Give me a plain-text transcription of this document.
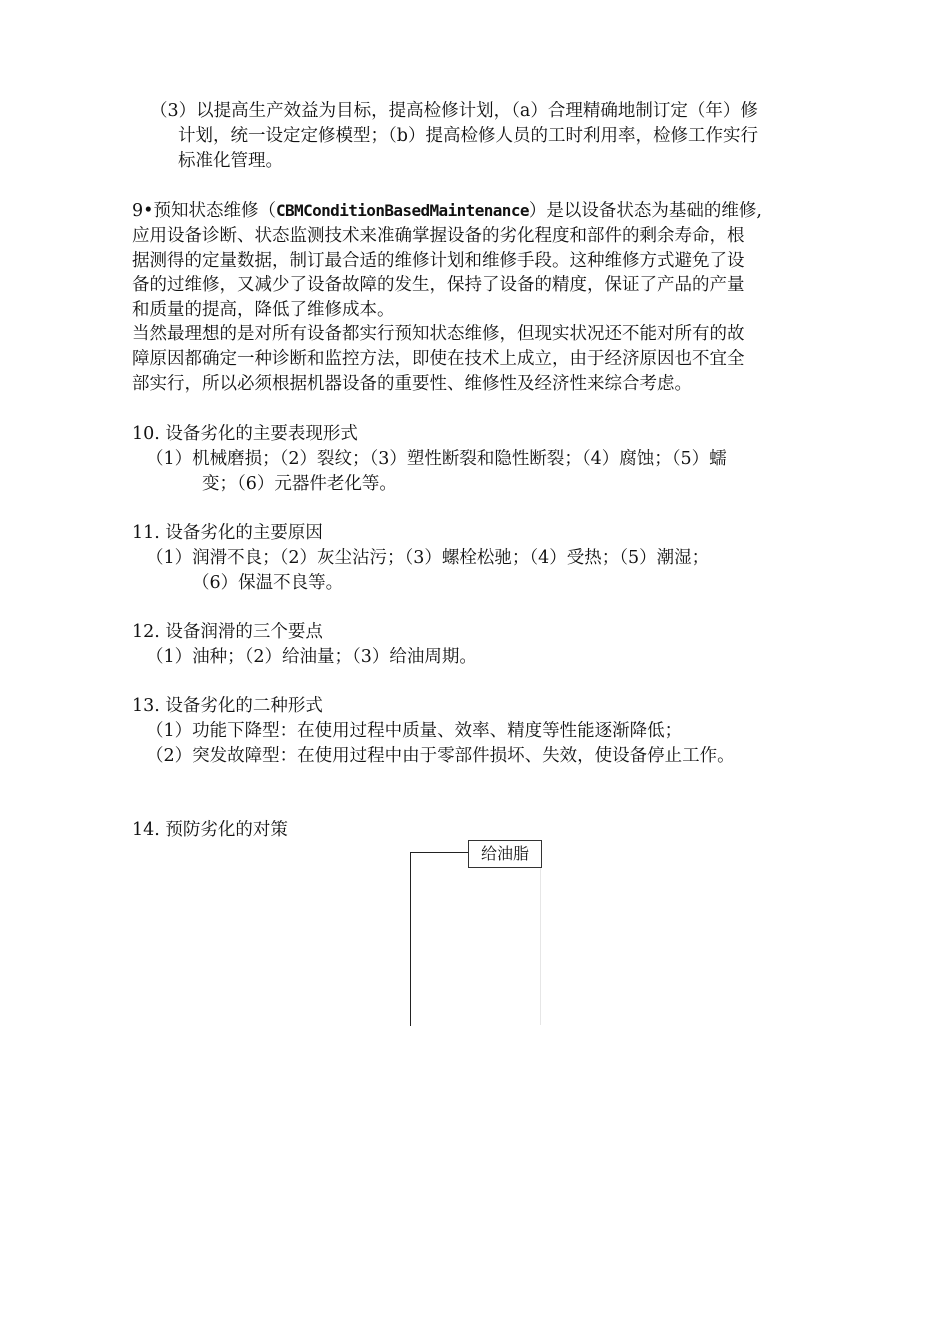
（3）以提高生产效益为目标，提高检修计划，（a）合理精确地制订定（年）修
计划，统一设定定修模型；（b）提高检修人员的工时利用率，检修工作实行
标准化管理。
9•预知状态维修（CBMConditionBasedMaintenance）是以设备状态为基础的维修,
应用设备诊断、状态监测技术来准确掌握设备的劣化程度和部件的剩余寿命，根
据测得的定量数据，制订最合适的维修计划和维修手段。这种维修方式避免了设
备的过维修，又减少了设备故障的发生，保持了设备的精度，保证了产品的产量
和质量的提高，降低了维修成本。
当然最理想的是对所有设备都实行预知状态维修，但现实状况还不能对所有的故
障原因都确定一种诊断和监控方法，即使在技术上成立，由于经济原因也不宜全
部实行，所以必须根据机器设备的重要性、维修性及经济性来综合考虑。
10. 设备劣化的主要表现形式
（1）机械磨损；（2）裂纹；（3）塑性断裂和隐性断裂；（4）腐蚀；（5）蠕
变；（6）元器件老化等。
11. 设备劣化的主要原因
（1）润滑不良；（2）灰尘沾污；（3）螺栓松驰；（4）受热；（5）潮湿；
（6）保温不良等。
12. 设备润滑的三个要点
（1）油种；（2）给油量；（3）给油周期。
13. 设备劣化的二种形式
（1）功能下降型：在使用过程中质量、效率、精度等性能逐渐降低；
（2）突发故障型：在使用过程中由于零部件损坏、失效，使设备停止工作。
14. 预防劣化的对策
给油脂
